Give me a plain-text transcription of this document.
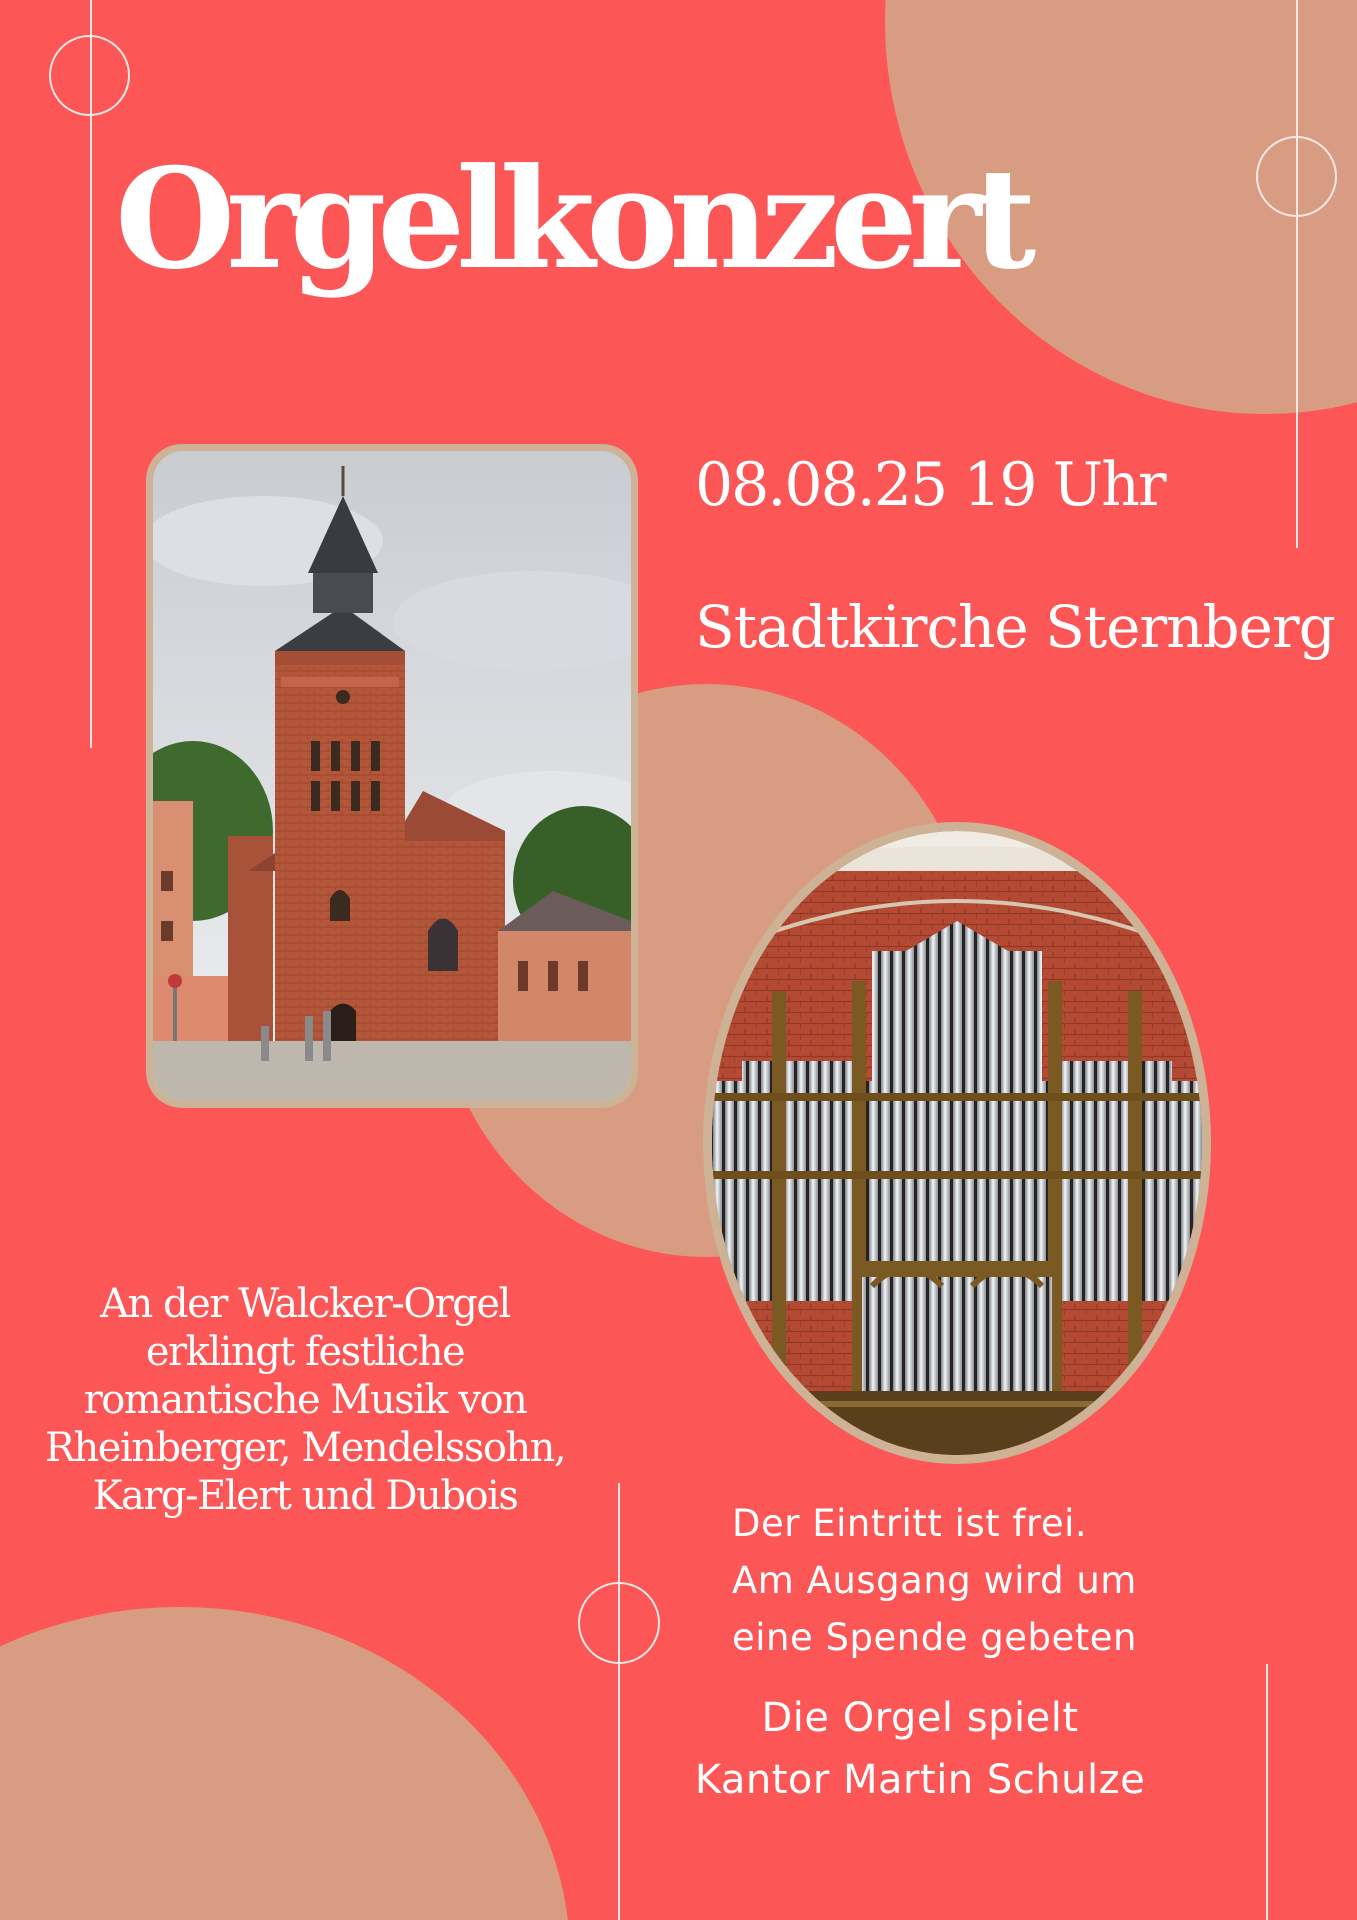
Orgelkonzert
08.08.25 19 Uhr
Stadtkirche Sternberg
An der Walcker-Orgel
erklingt festliche
romantische Musik von
Rheinberger, Mendelssohn,
Karg-Elert und Dubois
Der Eintritt ist frei.
Am Ausgang wird um
eine Spende gebeten
Die Orgel spielt
Kantor Martin Schulze
